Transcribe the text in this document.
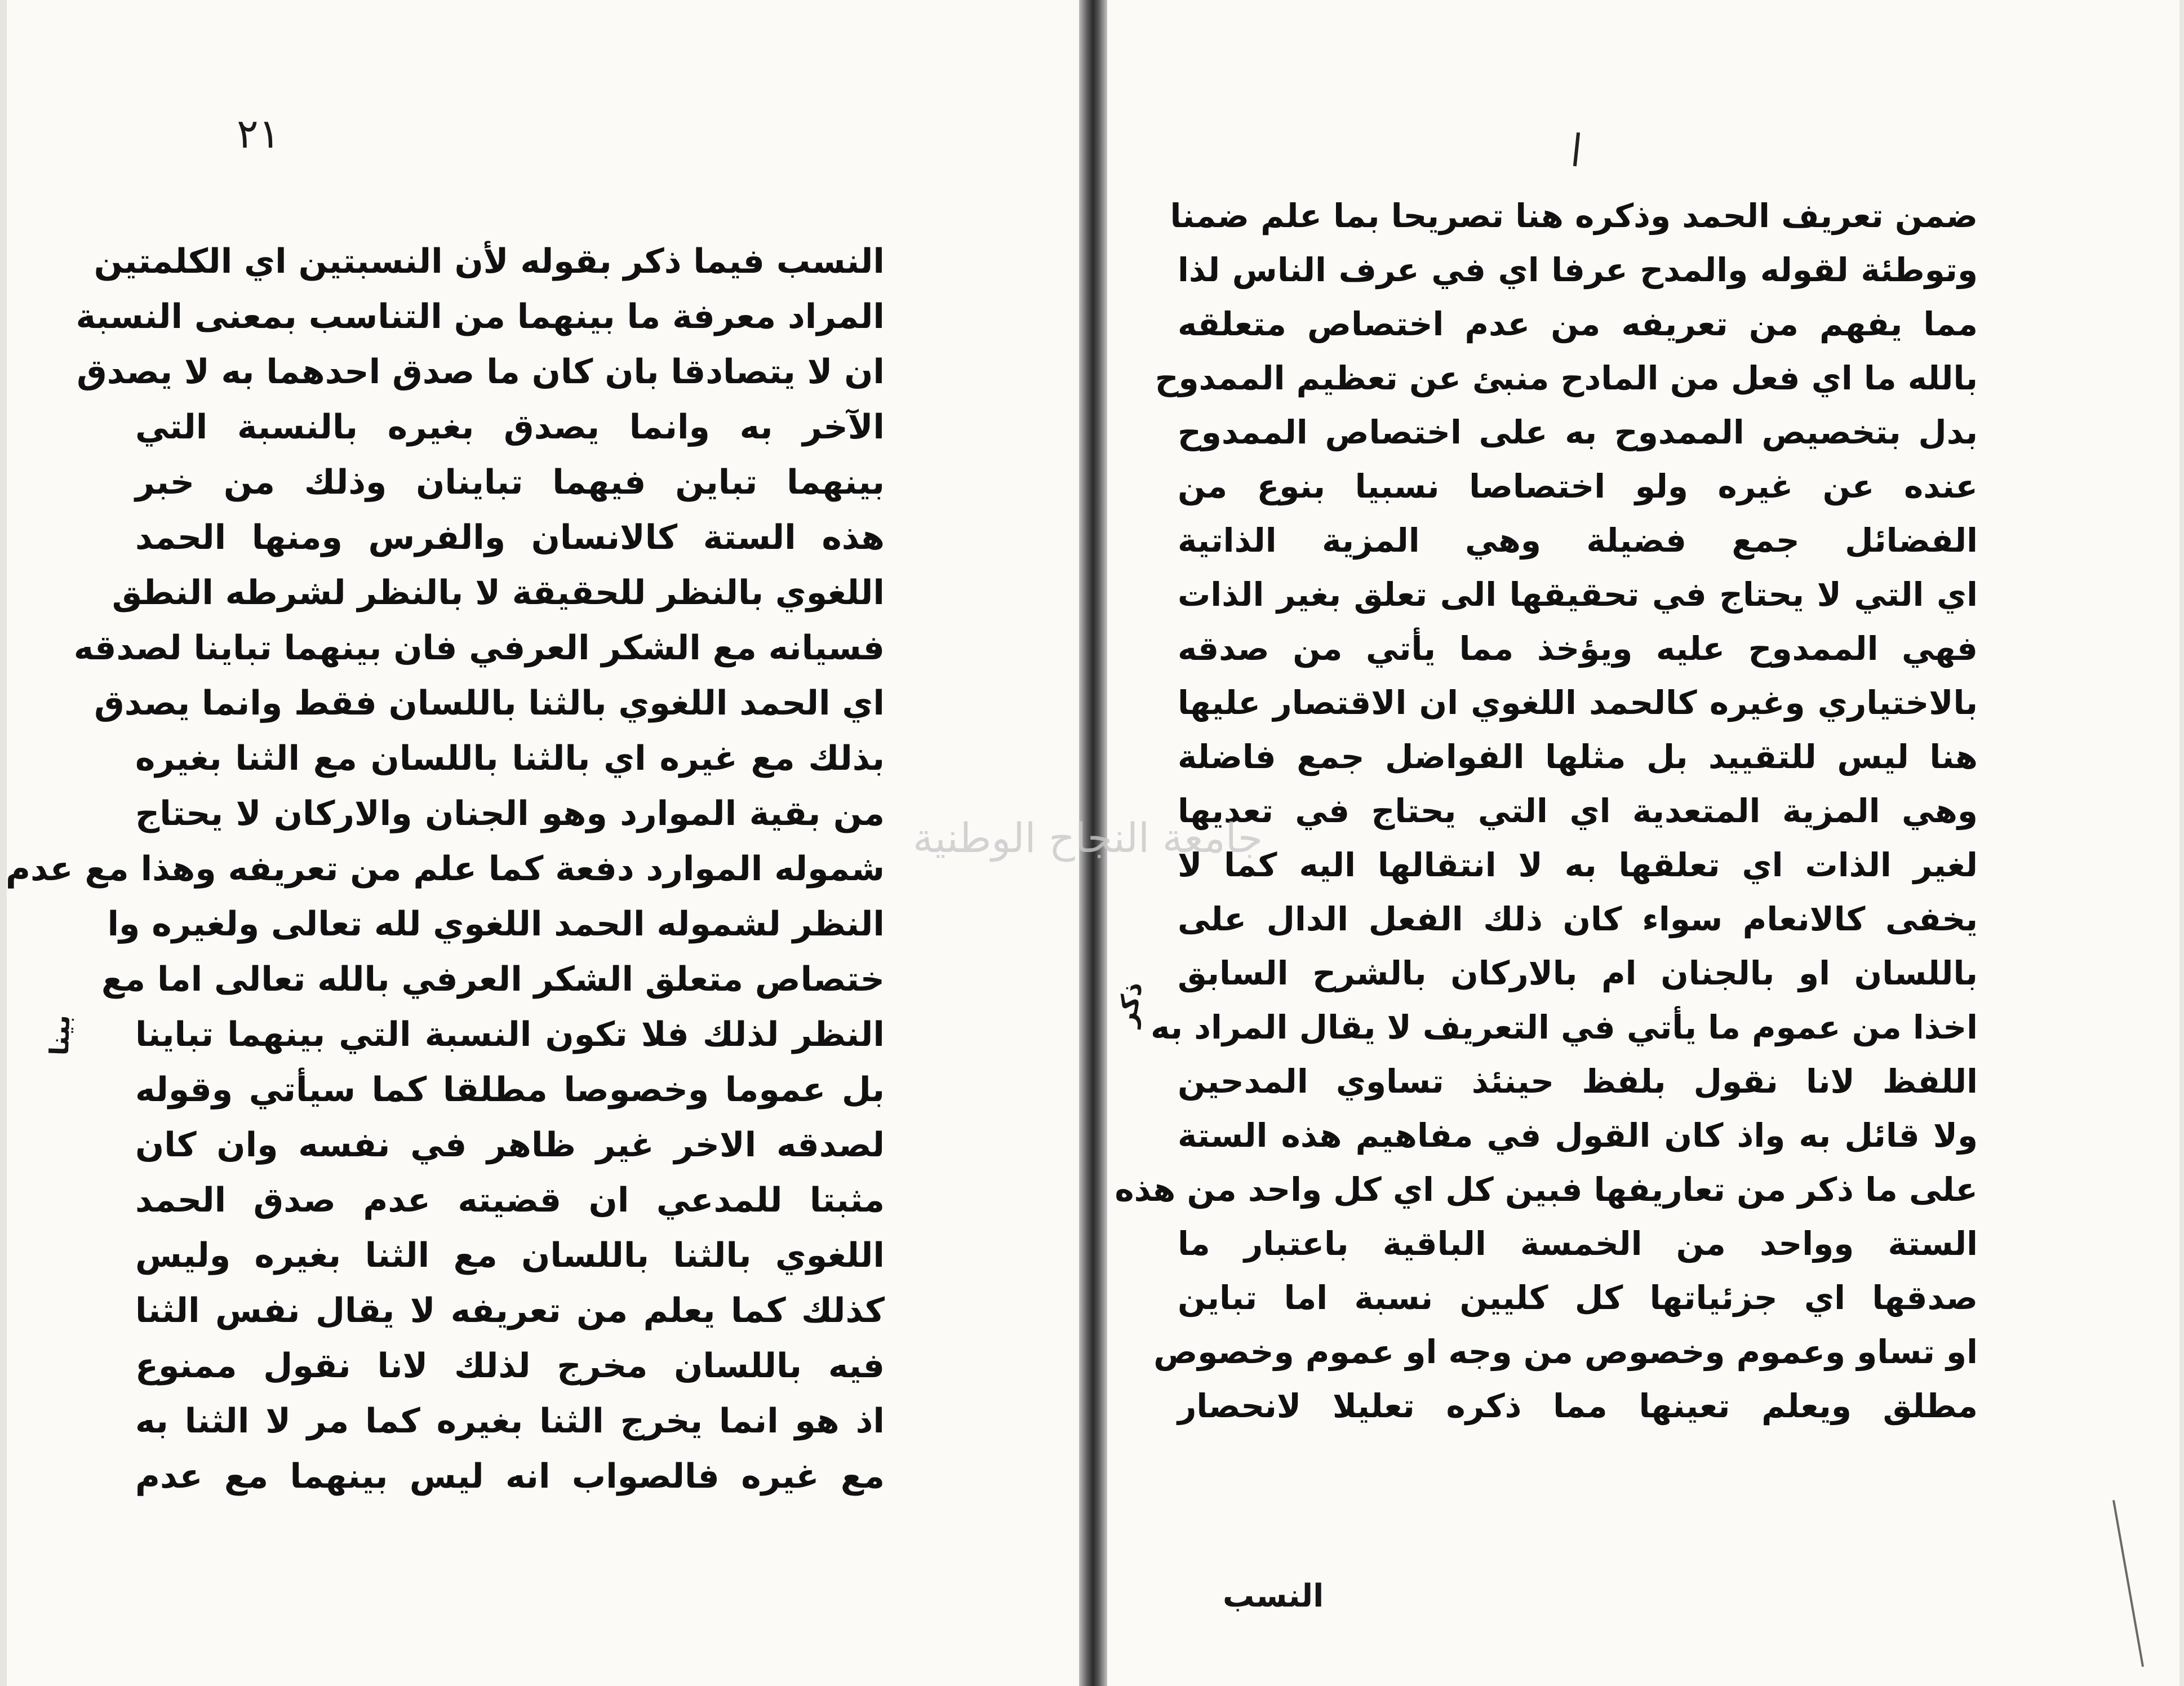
٢١
النسب فيما ذكر بقوله لأن النسبتين اي الكلمتين
المراد معرفة ما بينهما من التناسب بمعنى النسبة
ان لا يتصادقا بان كان ما صدق احدهما به لا يصدق
الآخر به وانما يصدق بغيره بالنسبة التي
بينهما تباين فيهما تباينان وذلك من خبر
هذه الستة كالانسان والفرس ومنها الحمد
اللغوي بالنظر للحقيقة لا بالنظر لشرطه النطق
فسيانه مع الشكر العرفي فان بينهما تباينا لصدقه
اي الحمد اللغوي بالثنا باللسان فقط وانما يصدق
بذلك مع غيره اي بالثنا باللسان مع الثنا بغيره
من بقية الموارد وهو الجنان والاركان لا يحتاج
شموله الموارد دفعة كما علم من تعريفه وهذا مع عدم
النظر لشموله الحمد اللغوي لله تعالى ولغيره وا
ختصاص متعلق الشكر العرفي بالله تعالى اما مع
النظر لذلك فلا تكون النسبة التي بينهما تباينا
بل عموما وخصوصا مطلقا كما سيأتي وقوله
لصدقه الاخر غير ظاهر في نفسه وان كان
مثبتا للمدعي ان قضيته عدم صدق الحمد
اللغوي بالثنا باللسان مع الثنا بغيره وليس
كذلك كما يعلم من تعريفه لا يقال نفس الثنا
فيه باللسان مخرج لذلك لانا نقول ممنوع
اذ هو انما يخرج الثنا بغيره كما مر لا الثنا به
مع غيره فالصواب انه ليس بينهما مع عدم
ضمن تعريف الحمد وذكره هنا تصريحا بما علم ضمنا
وتوطئة لقوله والمدح عرفا اي في عرف الناس لذا
مما يفهم من تعريفه من عدم اختصاص متعلقه
بالله ما اي فعل من المادح منبئ عن تعظيم الممدوح
بدل بتخصيص الممدوح به على اختصاص الممدوح
عنده عن غيره ولو اختصاصا نسبيا بنوع من
الفضائل جمع فضيلة وهي المزية الذاتية
اي التي لا يحتاج في تحقيقها الى تعلق بغير الذات
فهي الممدوح عليه ويؤخذ مما يأتي من صدقه
بالاختياري وغيره كالحمد اللغوي ان الاقتصار عليها
هنا ليس للتقييد بل مثلها الفواضل جمع فاضلة
وهي المزية المتعدية اي التي يحتاج في تعديها
لغير الذات اي تعلقها به لا انتقالها اليه كما لا
يخفى كالانعام سواء كان ذلك الفعل الدال على
باللسان او بالجنان ام بالاركان بالشرح السابق
اخذا من عموم ما يأتي في التعريف لا يقال المراد به
اللفظ لانا نقول بلفظ حينئذ تساوي المدحين
ولا قائل به واذ كان القول في مفاهيم هذه الستة
على ما ذكر من تعاريفها فبين كل اي كل واحد من هذه
الستة وواحد من الخمسة الباقية باعتبار ما
صدقها اي جزئياتها كل كليين نسبة اما تباين
او تساو وعموم وخصوص من وجه او عموم وخصوص
مطلق ويعلم تعينها مما ذكره تعليلا لانحصار
النسب
بينا
ذكر
جامعة النجاح الوطنية
